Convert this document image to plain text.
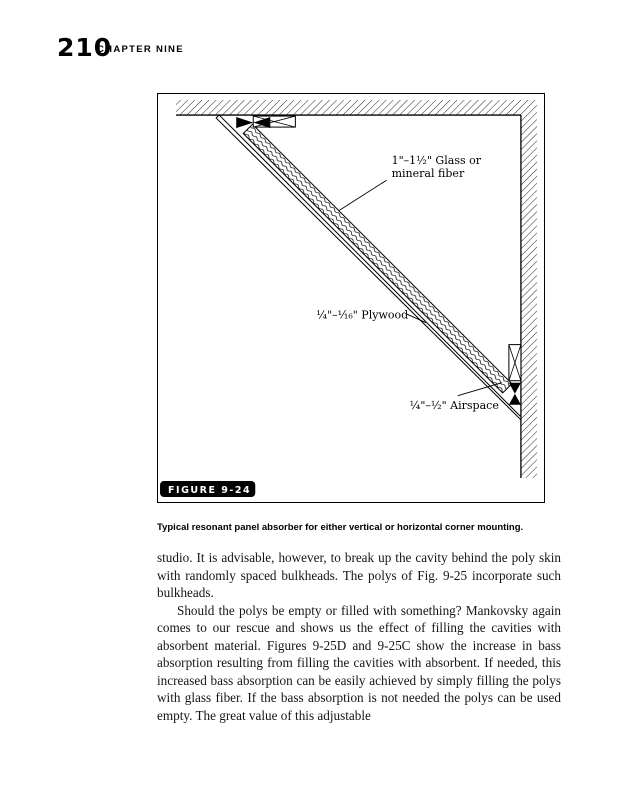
210
CHAPTER NINE
1"–1½" Glass or
mineral fiber
¼"–¹⁄₁₆" Plywood
¼"–½" Airspace
FIGURE 9-24

Typical resonant panel absorber for either vertical or horizontal corner mounting.

studio. It is advisable, however, to break up the cavity behind the poly skin with randomly spaced bulkheads. The polys of Fig. 9-25 incorporate such bulkheads.

Should the polys be empty or filled with something? Mankovsky again comes to our rescue and shows us the effect of filling the cavities with absorbent material. Figures 9-25D and 9-25C show the increase in bass absorption resulting from filling the cavities with absorbent. If needed, this increased bass absorption can be easily achieved by simply filling the polys with glass fiber. If the bass absorption is not needed the polys can be used empty. The great value of this adjustable
